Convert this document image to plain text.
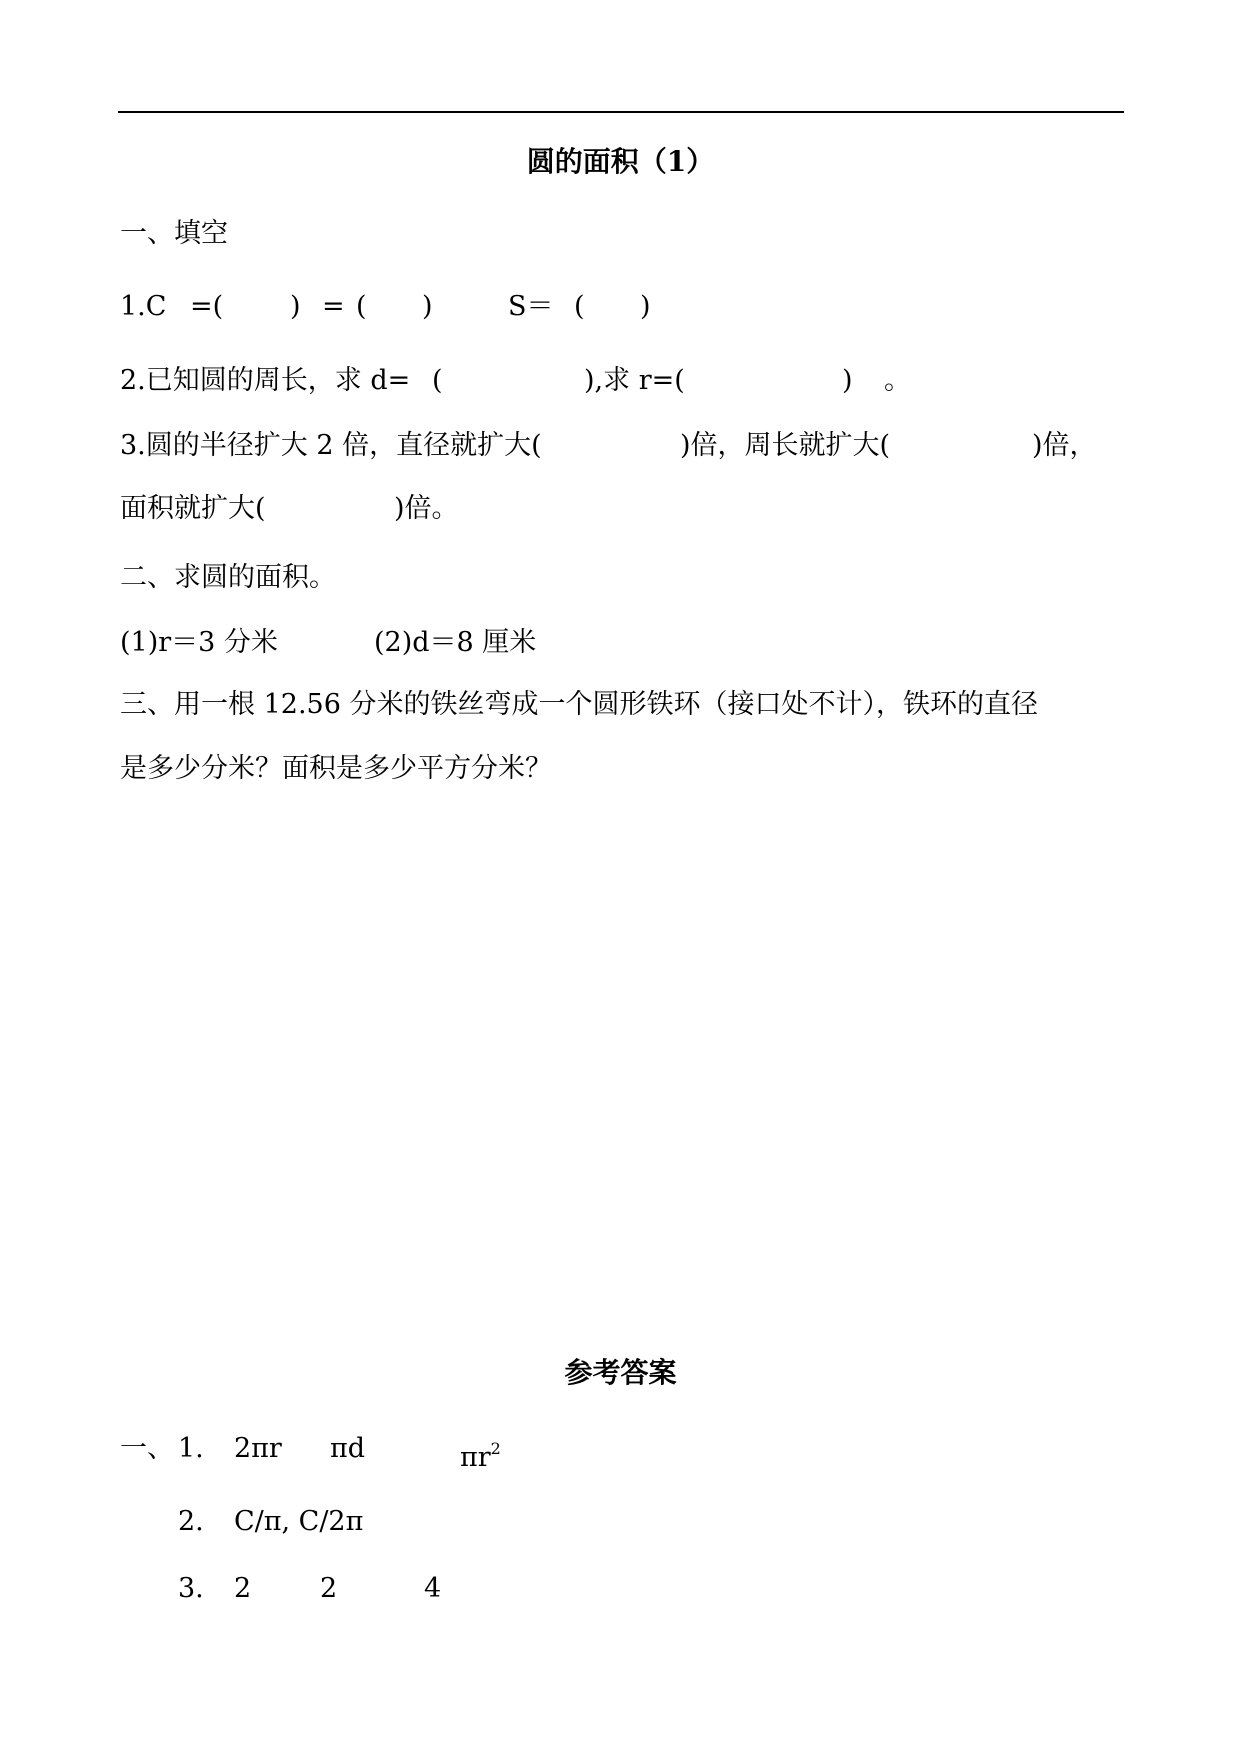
圆的面积（1）
一、填空
1.C =( ) = ( )	S＝ ( )
2.已知圆的周长，求 d= (	),求 r=(	) 。
3.圆的半径扩大 2 倍，直径就扩大(	)倍，周长就扩大(	)倍，
面积就扩大(	)倍。
二、求圆的面积。
(1)r＝3 分米	(2)d＝8 厘米
三、用一根 12.56 分米的铁丝弯成一个圆形铁环（接口处不计），铁环的直径
是多少分米？面积是多少平方分米？
参考答案
一、 1. 2πr πd	$\pi r^2$
2. C/π, C/2π
3. 2	2	4
